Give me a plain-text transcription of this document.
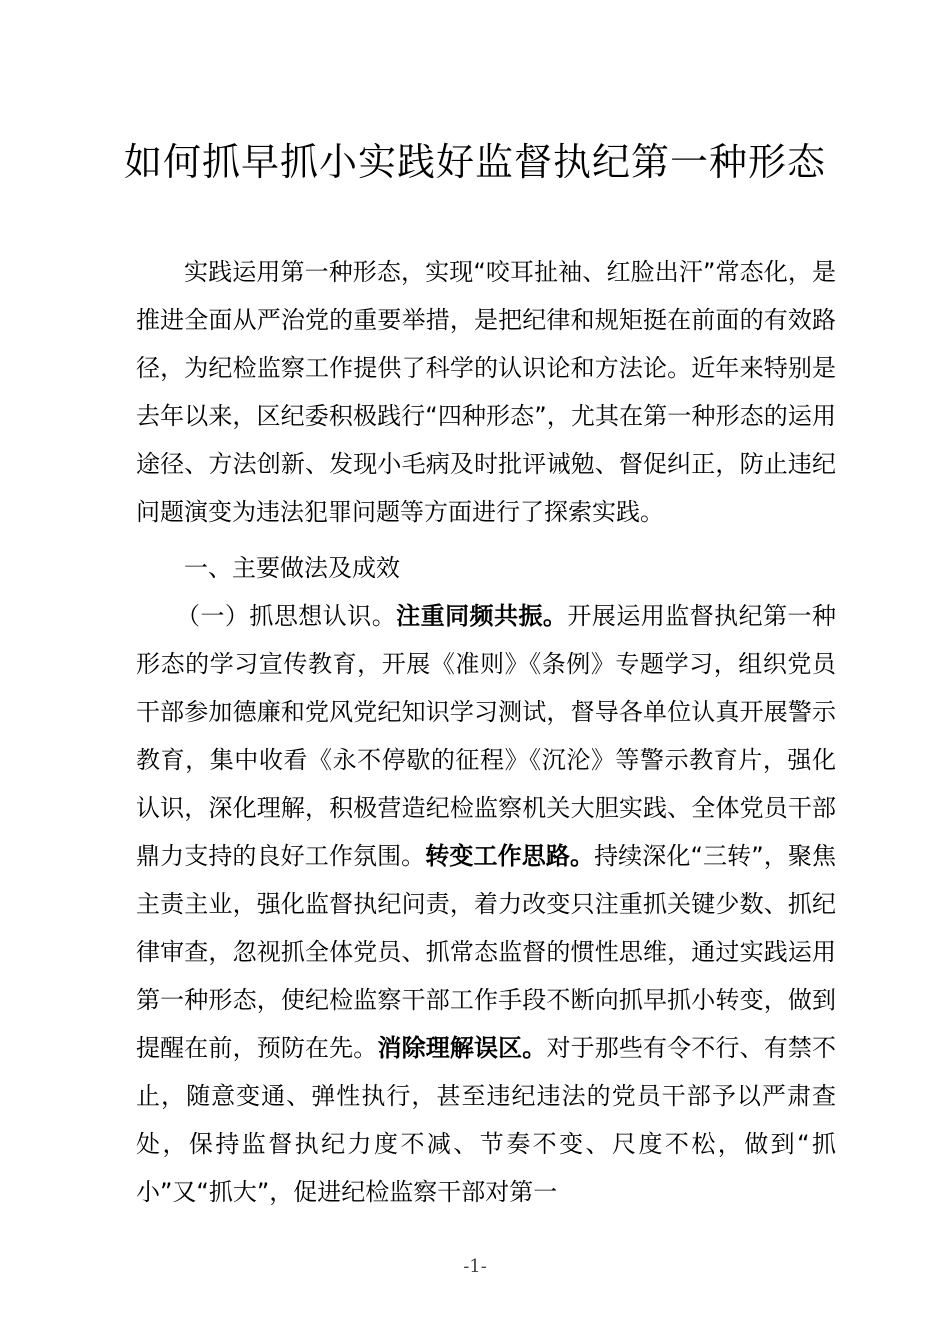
如何抓早抓小实践好监督执纪第一种形态

实践运用第一种形态，实现“咬耳扯袖、红脸出汗”常态化，是推进全面从严治党的重要举措，是把纪律和规矩挺在前面的有效路径，为纪检监察工作提供了科学的认识论和方法论。近年来特别是去年以来，区纪委积极践行“四种形态”，尤其在第一种形态的运用途径、方法创新、发现小毛病及时批评诫勉、督促纠正，防止违纪问题演变为违法犯罪问题等方面进行了探索实践。

一、主要做法及成效

（一）抓思想认识。注重同频共振。开展运用监督执纪第一种形态的学习宣传教育，开展《准则》《条例》专题学习，组织党员干部参加德廉和党风党纪知识学习测试，督导各单位认真开展警示教育，集中收看《永不停歇的征程》《沉沦》等警示教育片，强化认识，深化理解，积极营造纪检监察机关大胆实践、全体党员干部鼎力支持的良好工作氛围。转变工作思路。持续深化“三转”，聚焦主责主业，强化监督执纪问责，着力改变只注重抓关键少数、抓纪律审查，忽视抓全体党员、抓常态监督的惯性思维，通过实践运用第一种形态，使纪检监察干部工作手段不断向抓早抓小转变，做到提醒在前，预防在先。消除理解误区。对于那些有令不行、有禁不止，随意变通、弹性执行，甚至违纪违法的党员干部予以严肃查处，保持监督执纪力度不减、节奏不变、尺度不松，做到“抓小”又“抓大”，促进纪检监察干部对第一

-1-
